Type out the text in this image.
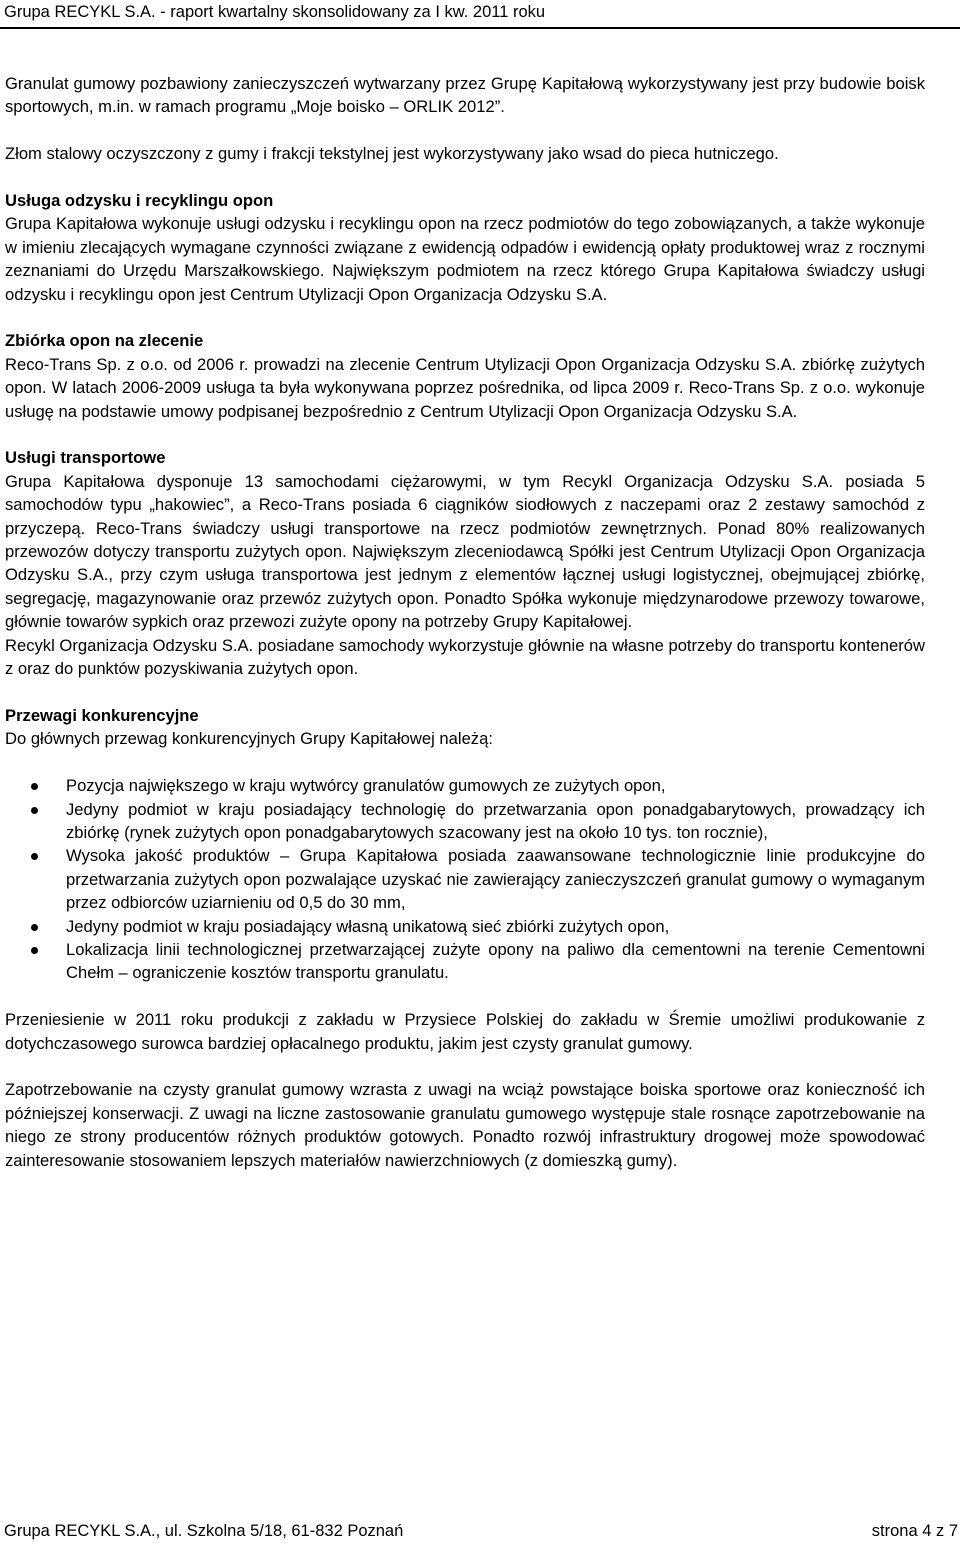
Grupa RECYKL S.A. - raport kwartalny skonsolidowany za I kw. 2011 roku

Granulat gumowy pozbawiony zanieczyszczeń wytwarzany przez Grupę Kapitałową wykorzystywany jest przy budowie boisk sportowych, m.in. w ramach programu „Moje boisko – ORLIK 2012”.

Złom stalowy oczyszczony z gumy i frakcji tekstylnej jest wykorzystywany jako wsad do pieca hutniczego.

Usługa odzysku i recyklingu opon

Grupa Kapitałowa wykonuje usługi odzysku i recyklingu opon na rzecz podmiotów do tego zobowiązanych, a także wykonuje w imieniu zlecających wymagane czynności związane z ewidencją odpadów i ewidencją opłaty produktowej wraz z rocznymi zeznaniami do Urzędu Marszałkowskiego. Największym podmiotem na rzecz którego Grupa Kapitałowa świadczy usługi odzysku i recyklingu opon jest Centrum Utylizacji Opon Organizacja Odzysku S.A.

Zbiórka opon na zlecenie

Reco-Trans Sp. z o.o. od 2006 r. prowadzi na zlecenie Centrum Utylizacji Opon Organizacja Odzysku S.A. zbiórkę zużytych opon. W latach 2006-2009 usługa ta była wykonywana poprzez pośrednika, od lipca 2009 r. Reco-Trans Sp. z o.o. wykonuje usługę na podstawie umowy podpisanej bezpośrednio z Centrum Utylizacji Opon Organizacja Odzysku S.A.

Usługi transportowe

Grupa Kapitałowa dysponuje 13 samochodami ciężarowymi, w tym Recykl Organizacja Odzysku S.A. posiada 5 samochodów typu „hakowiec”, a Reco-Trans posiada 6 ciągników siodłowych z naczepami oraz 2 zestawy samochód z przyczepą. Reco-Trans świadczy usługi transportowe na rzecz podmiotów zewnętrznych. Ponad 80% realizowanych przewozów dotyczy transportu zużytych opon. Największym zleceniodawcą Spółki jest Centrum Utylizacji Opon Organizacja Odzysku S.A., przy czym usługa transportowa jest jednym z elementów łącznej usługi logistycznej, obejmującej zbiórkę, segregację, magazynowanie oraz przewóz zużytych opon. Ponadto Spółka wykonuje międzynarodowe przewozy towarowe, głównie towarów sypkich oraz przewozi zużyte opony na potrzeby Grupy Kapitałowej.

Recykl Organizacja Odzysku S.A. posiadane samochody wykorzystuje głównie na własne potrzeby do transportu kontenerów z oraz do punktów pozyskiwania zużytych opon.

Przewagi konkurencyjne

Do głównych przewag konkurencyjnych Grupy Kapitałowej należą:

Pozycja największego w kraju wytwórcy granulatów gumowych ze zużytych opon,
Jedyny podmiot w kraju posiadający technologię do przetwarzania opon ponadgabarytowych, prowadzący ich zbiórkę (rynek zużytych opon ponadgabarytowych szacowany jest na około 10 tys. ton rocznie),
Wysoka jakość produktów – Grupa Kapitałowa posiada zaawansowane technologicznie linie produkcyjne do przetwarzania zużytych opon pozwalające uzyskać nie zawierający zanieczyszczeń granulat gumowy o wymaganym przez odbiorców uziarnieniu od 0,5 do 30 mm,
Jedyny podmiot w kraju posiadający własną unikatową sieć zbiórki zużytych opon,
Lokalizacja linii technologicznej przetwarzającej zużyte opony na paliwo dla cementowni na terenie Cementowni Chełm – ograniczenie kosztów transportu granulatu.

Przeniesienie w 2011 roku produkcji z zakładu w Przysiece Polskiej do zakładu w Śremie umożliwi produkowanie z dotychczasowego surowca bardziej opłacalnego produktu, jakim jest czysty granulat gumowy.

Zapotrzebowanie na czysty granulat gumowy wzrasta z uwagi na wciąż powstające boiska sportowe oraz konieczność ich późniejszej konserwacji. Z uwagi na liczne zastosowanie granulatu gumowego występuje stale rosnące zapotrzebowanie na niego ze strony producentów różnych produktów gotowych. Ponadto rozwój infrastruktury drogowej może spowodować zainteresowanie stosowaniem lepszych materiałów nawierzchniowych (z domieszką gumy).

Grupa RECYKL S.A., ul. Szkolna 5/18, 61-832 Poznań	strona 4 z 7
